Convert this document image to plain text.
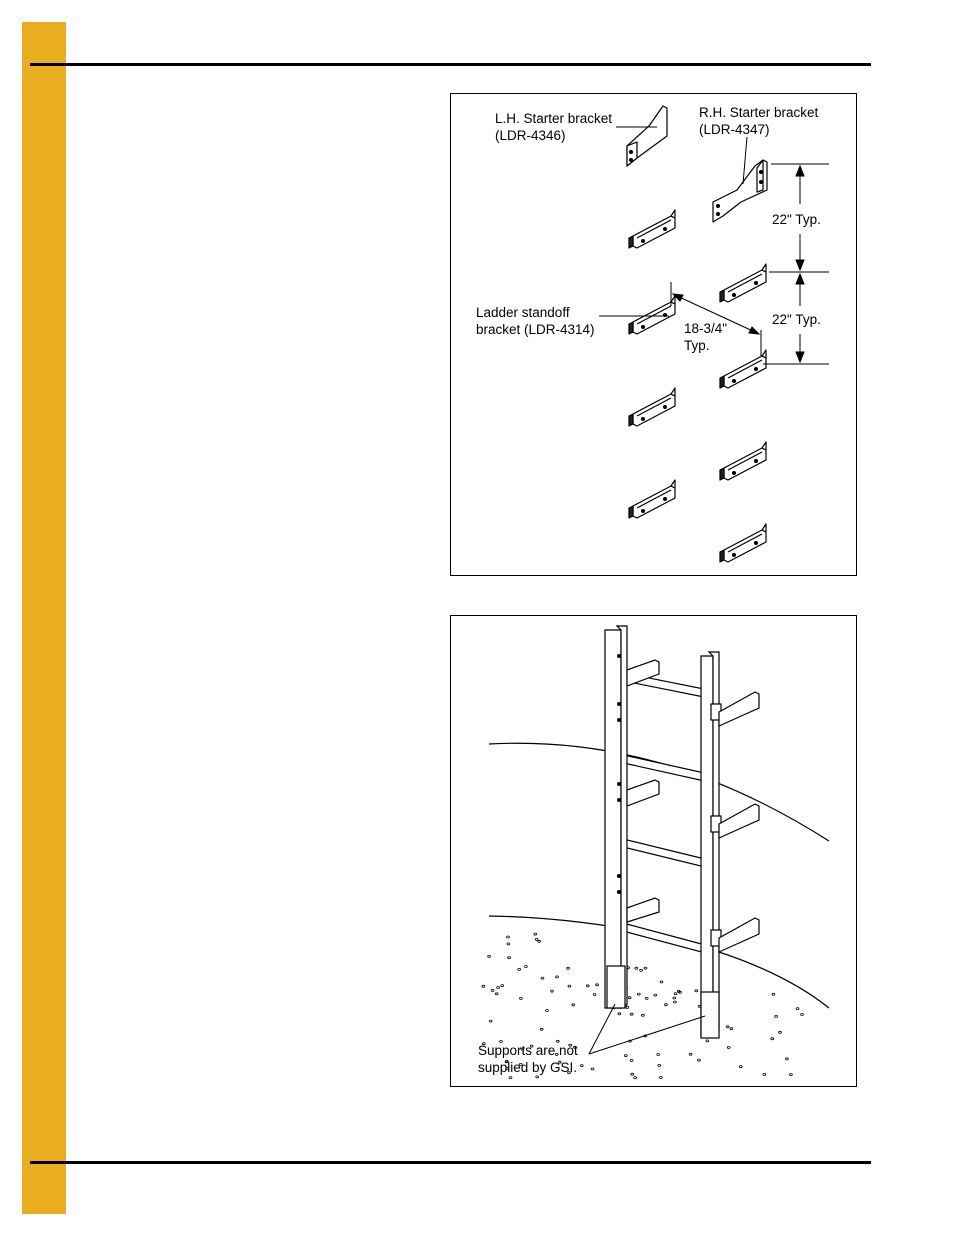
L.H. Starter bracket
(LDR-4346)
R.H. Starter bracket
(LDR-4347)
22" Typ.
Ladder standoff
bracket (LDR-4314)
22" Typ.
18-3/4"
Typ.
Supports are not
supplied by GSI.
